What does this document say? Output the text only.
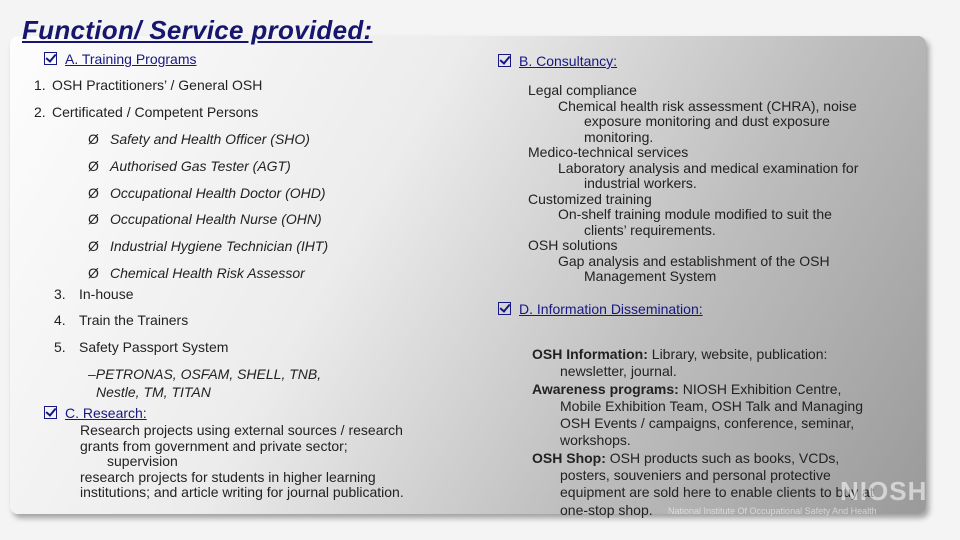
Function/ Service provided:
A. Training Programs
1. OSH Practitioners’ / General OSH
2. Certificated / Competent Persons
Ø Safety and Health Officer (SHO)
Ø Authorised Gas Tester (AGT)
Ø Occupational Health Doctor (OHD)
Ø Occupational Health Nurse (OHN)
Ø Industrial Hygiene Technician (IHT)
Ø Chemical Health Risk Assessor
3. In-house
4. Train the Trainers
5. Safety Passport System
–PETRONAS, OSFAM, SHELL, TNB,
Nestle, TM, TITAN
C. Research:

Research projects using external sources / research

grants from government and private sector;

supervision

research projects for students in higher learning

institutions; and article writing for journal publication.

B. Consultancy:

Legal compliance

Chemical health risk assessment (CHRA), noise

exposure monitoring and dust exposure

monitoring.

Medico-technical services

Laboratory analysis and medical examination for

industrial workers.

Customized training

On-shelf training module modified to suit the

clients’ requirements.

OSH solutions

Gap analysis and establishment of the OSH

Management System

D. Information Dissemination:

OSH Information: Library, website, publication:

newsletter, journal.

Awareness programs: NIOSH Exhibition Centre,

Mobile Exhibition Team, OSH Talk and Managing

OSH Events / campaigns, conference, seminar,

workshops.

OSH Shop: OSH products such as books, VCDs,

posters, souveniers and personal protective

equipment are sold here to enable clients to buy at

one-stop shop.

NIOSH
National Institute Of Occupational Safety And Health
